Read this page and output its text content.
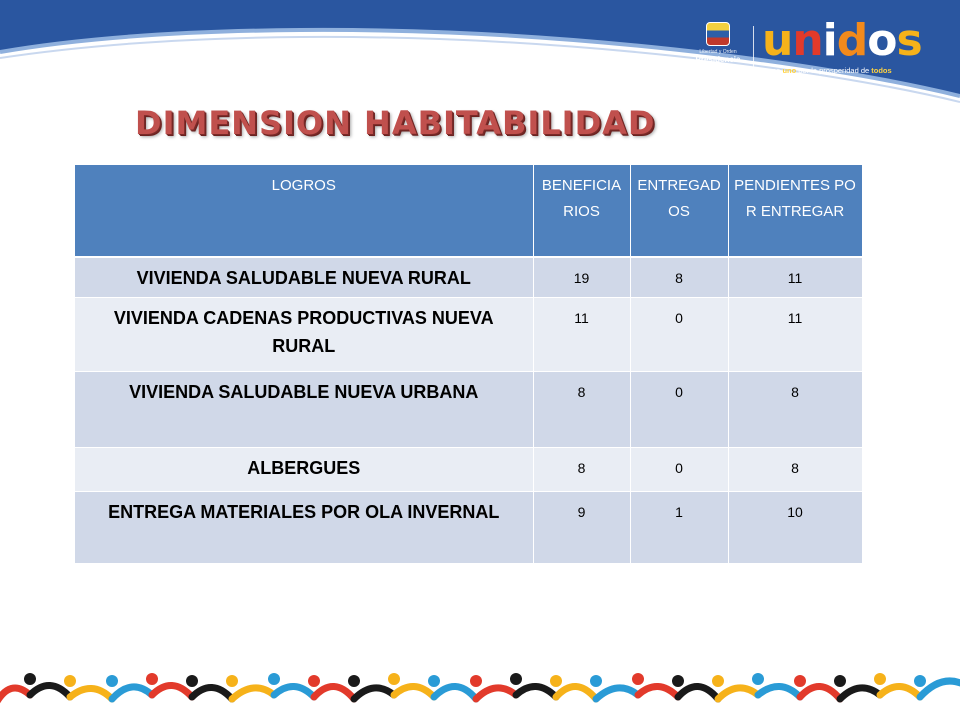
Libertad y Orden
Presidencia
República de Colombia
unidos
como uno por la prosperidad de todos
DIMENSION HABITABILIDAD
LOGROS	BENEFICIARIOS	ENTREGADOS	PENDIENTES POR ENTREGAR
VIVIENDA SALUDABLE NUEVA RURAL	19	8	11
VIVIENDA CADENAS PRODUCTIVAS NUEVA RURAL	11	0	11
VIVIENDA SALUDABLE NUEVA URBANA	8	0	8
ALBERGUES	8	0	8
ENTREGA MATERIALES POR OLA INVERNAL	9	1	10
